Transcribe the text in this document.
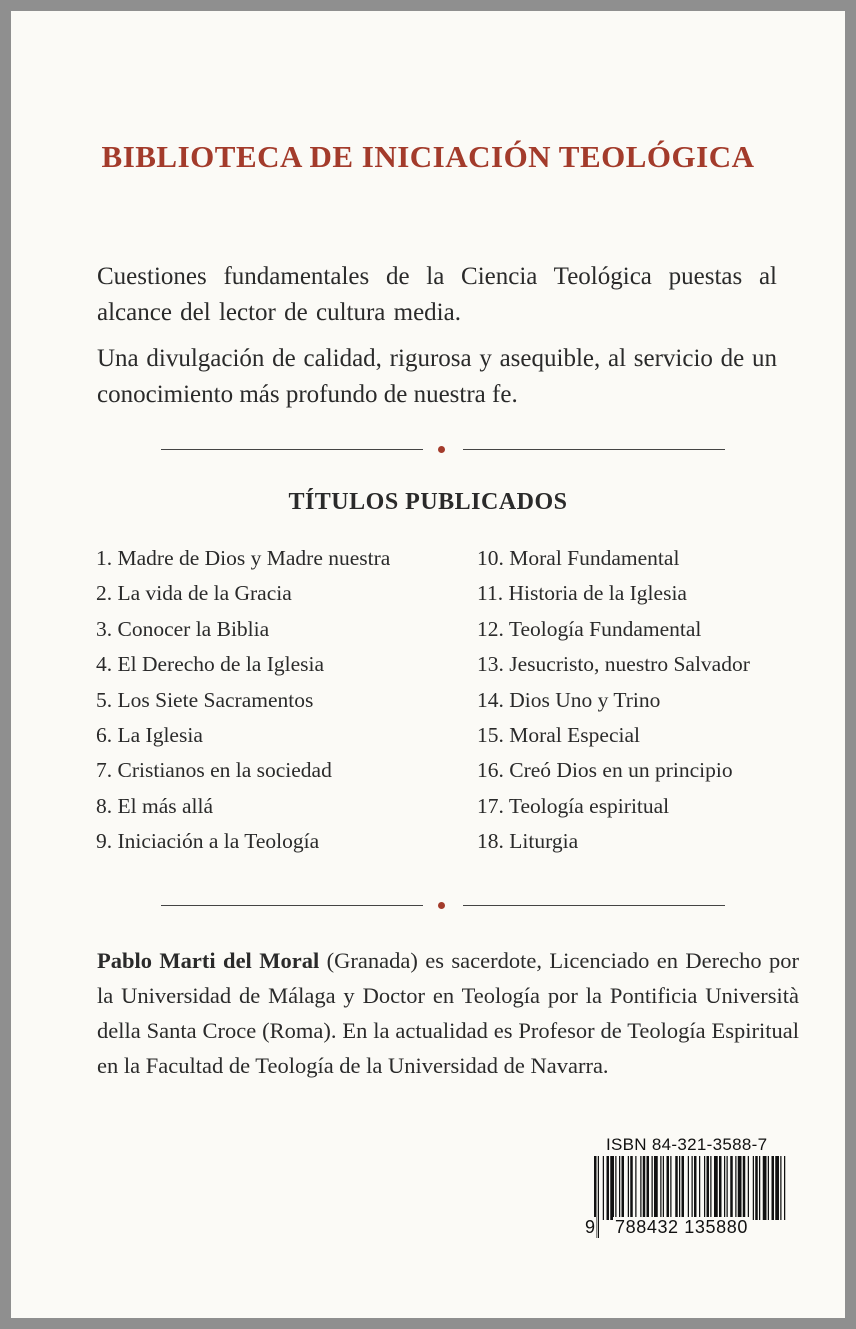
BIBLIOTECA DE INICIACIÓN TEOLÓGICA

Cuestiones fundamentales de la Ciencia Teológica puestas al alcance del lector de cultura media.

Una divulgación de calidad, rigurosa y asequible, al servicio de un conocimiento más profundo de nuestra fe.

TÍTULOS PUBLICADOS
1. Madre de Dios y Madre nuestra
2. La vida de la Gracia
3. Conocer la Biblia
4. El Derecho de la Iglesia
5. Los Siete Sacramentos
6. La Iglesia
7. Cristianos en la sociedad
8. El más allá
9. Iniciación a la Teología
10. Moral Fundamental
11. Historia de la Iglesia
12. Teología Fundamental
13. Jesucristo, nuestro Salvador
14. Dios Uno y Trino
15. Moral Especial
16. Creó Dios en un principio
17. Teología espiritual
18. Liturgia

Pablo Marti del Moral (Granada) es sacerdote, Licenciado en Derecho por la Universidad de Málaga y Doctor en Teología por la Pontificia Università della Santa Croce (Roma). En la actualidad es Profesor de Teología Espiritual en la Facultad de Teología de la Universidad de Navarra.

ISBN 84-321-3588-7

9 788432 135880
